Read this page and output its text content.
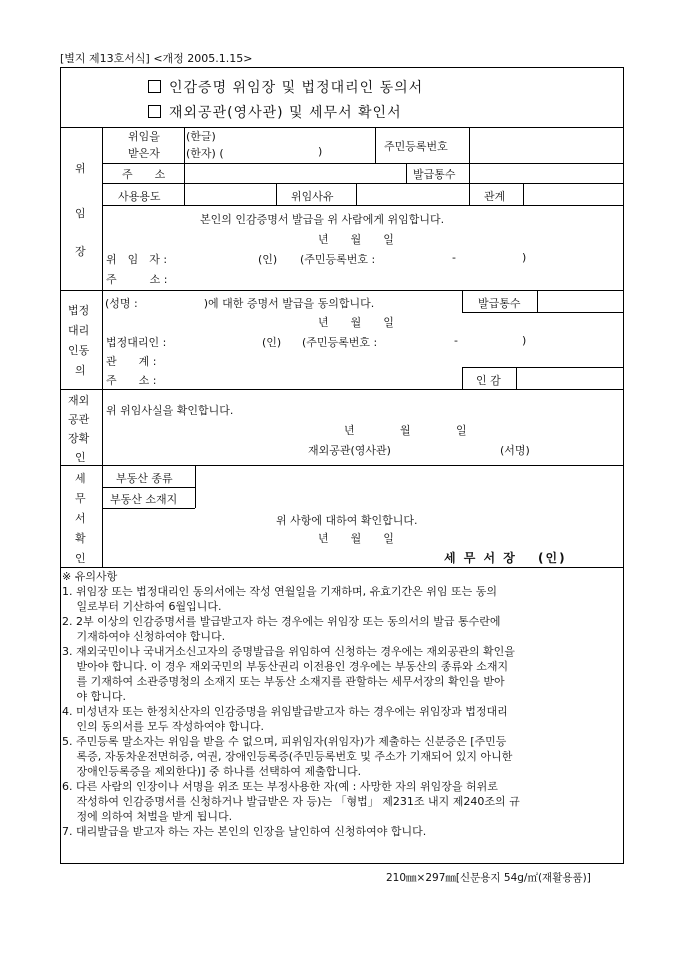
[별지 제13호서식] <개정 2005.1.15>
인감증명 위임장 및 법정대리인 동의서
재외공관(영사관) 및 세무서 확인서
위
임
장
위임을
받은자
(한글)
(한자) (	)	주민등록번호
주　　소	발급통수
사용용도	위임사유	관계
본인의 인감증명서 발급을 위 사람에게 위임합니다.
년　　월　　일
위　임　자 :	(인) (주민등록번호 :	-	)
주　　　소 :
법정
대리
인동
의
(성명 :　　　　　　)에 대한 증명서 발급을 동의합니다.	발급통수
년　　월　　일
법정대리인 :	(인) (주민등록번호 :	-	)
관　　계 :
주　　소 :	인 감
재외
공관
장확
인
위 위임사실을 확인합니다.
년	월	일
재외공관(영사관)	(서명)
세
무
서
확
인
부동산 종류
부동산 소재지
위 사항에 대하여 확인합니다.
년　　월　　일
세 무 서 장 (인)
※ 유의사항
1. 위임장 또는 법정대리인 동의서에는 작성 연월일을 기재하며, 유효기간은 위임 또는 동의
　 일로부터 기산하여 6월입니다.
2. 2부 이상의 인감증명서를 발급받고자 하는 경우에는 위임장 또는 동의서의 발급 통수란에
　 기재하여야 신청하여야 합니다.
3. 재외국민이나 국내거소신고자의 증명발급을 위임하여 신청하는 경우에는 재외공관의 확인을
　 받아야 합니다. 이 경우 재외국민의 부동산권리 이전용인 경우에는 부동산의 종류와 소재지
　 를 기재하여 소관증명청의 소재지 또는 부동산 소재지를 관할하는 세무서장의 확인을 받아
　 야 합니다.
4. 미성년자 또는 한정치산자의 인감증명을 위임발급받고자 하는 경우에는 위임장과 법정대리
　 인의 동의서를 모두 작성하여야 합니다.
5. 주민등록 말소자는 위임을 받을 수 없으며, 피위임자(위임자)가 제출하는 신분증은 [주민등
　 록증, 자동차운전면허증, 여권, 장애인등록증(주민등록번호 및 주소가 기재되어 있지 아니한
　 장애인등록증을 제외한다)] 중 하나를 선택하여 제출합니다.
6. 다른 사람의 인장이나 서명을 위조 또는 부정사용한 자(예 : 사망한 자의 위임장을 허위로
　 작성하여 인감증명서를 신청하거나 발급받은 자 등)는 「형법」 제231조 내지 제240조의 규
　 정에 의하여 처벌을 받게 됩니다.
7. 대리발급을 받고자 하는 자는 본인의 인장을 날인하여 신청하여야 합니다.
210㎜×297㎜[신문용지 54g/㎡(재활용품)]
